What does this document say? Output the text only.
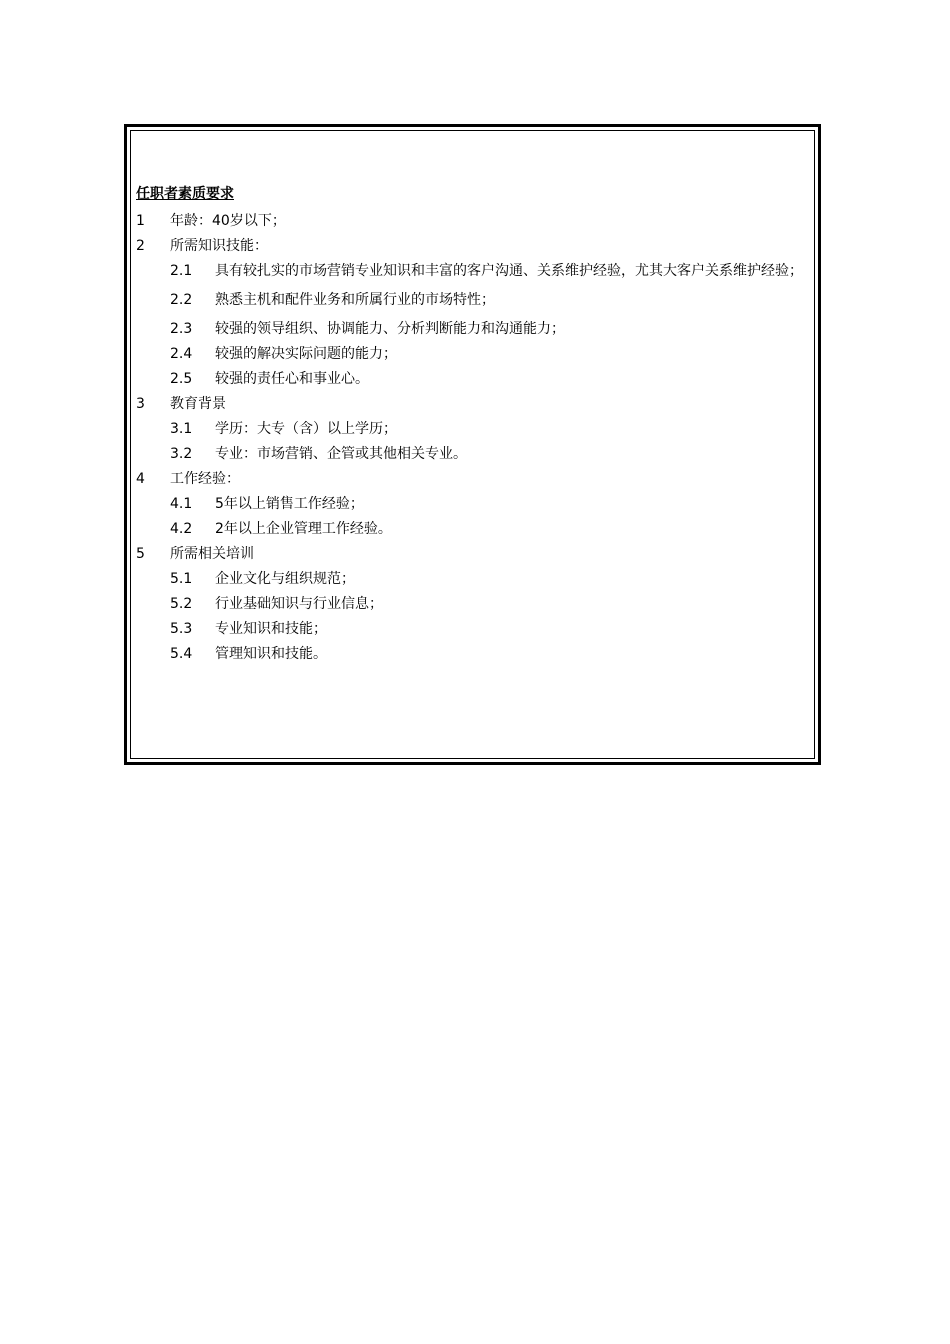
任职者素质要求
1	年龄：40岁以下；
2	所需知识技能：
2.1	具有较扎实的市场营销专业知识和丰富的客户沟通、关系维护经验，尤其大客户关系维护经验；
2.2	熟悉主机和配件业务和所属行业的市场特性；
2.3	较强的领导组织、协调能力、分析判断能力和沟通能力；
2.4	较强的解决实际问题的能力；
2.5	较强的责任心和事业心。
3	教育背景
3.1	学历：大专（含）以上学历；
3.2	专业：市场营销、企管或其他相关专业。
4	工作经验：
4.1	5年以上销售工作经验；
4.2	2年以上企业管理工作经验。
5	所需相关培训
5.1	企业文化与组织规范；
5.2	行业基础知识与行业信息；
5.3	专业知识和技能；
5.4	管理知识和技能。
